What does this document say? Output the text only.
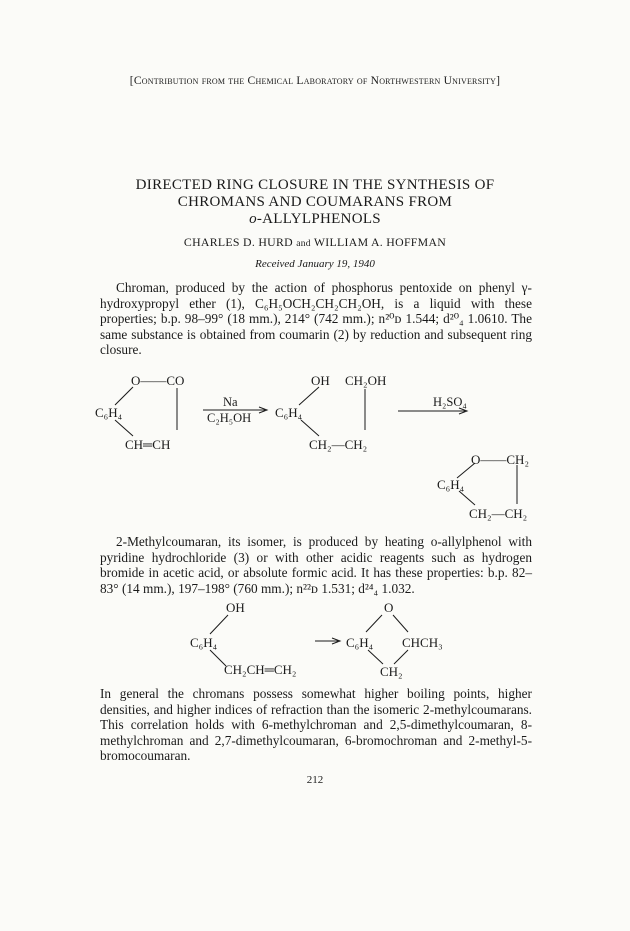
[Contribution from the Chemical Laboratory of Northwestern University]
DIRECTED RING CLOSURE IN THE SYNTHESIS OF
CHROMANS AND COUMARANS FROM
o-ALLYLPHENOLS
CHARLES D. HURD and WILLIAM A. HOFFMAN
Received January 19, 1940

Chroman, produced by the action of phosphorus pentoxide on phenyl γ-hydroxypropyl ether (1), C₆H₅OCH₂CH₂CH₂OH, is a liquid with these properties; b.p. 98–99° (18 mm.), 214° (742 mm.); n²⁰ᴅ 1.544; d²⁰₄ 1.0610. The same substance is obtained from coumarin (2) by reduction and subsequent ring closure.

O——CO
C₆H₄
CH═CH
Na
C₂H₅OH
OH CH₂OH
C₆H₄
CH₂—CH₂
H₂SO₄
O——CH₂
C₆H₄
CH₂—CH₂

2-Methylcoumaran, its isomer, is produced by heating o-allylphenol with pyridine hydrochloride (3) or with other acidic reagents such as hydrogen bromide in acetic acid, or absolute formic acid. It has these properties: b.p. 82–83° (14 mm.), 197–198° (760 mm.); n²²ᴅ 1.531; d²⁴₄ 1.032.

OH
C₆H₄
CH₂CH═CH₂
O
C₆H₄ CHCH₃
CH₂

In general the chromans possess somewhat higher boiling points, higher densities, and higher indices of refraction than the isomeric 2-methylcoumarans. This correlation holds with 6-methylchroman and 2,5-dimethylcoumaran, 8-methylchroman and 2,7-dimethylcoumaran, 6-bromochroman and 2-methyl-5-bromocoumaran.

212
